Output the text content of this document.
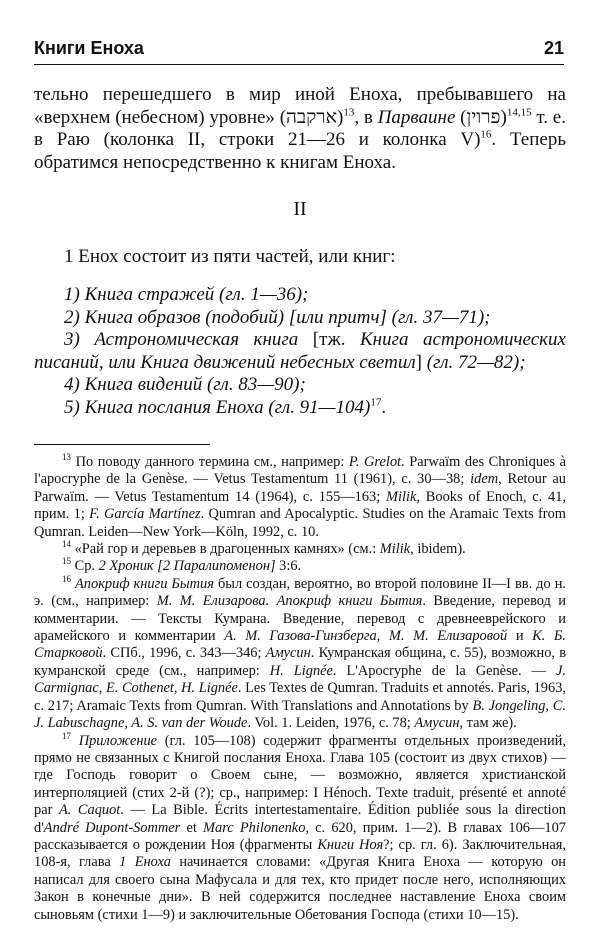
Книги Еноха	21

тельно перешедшего в мир иной Еноха, пребывавшего на «верхнем (небесном) уровне» (ארקבה)$^{13}$, в Парваине (פרוין)$^{14,15}$ т. е. в Раю (колонка II, строки 21—26 и колонка V)$^{16}$. Теперь обратимся непосредственно к книгам Еноха.

II

1 Енох состоит из пяти частей, или книг:

1) Книга стражей (гл. 1—36);

2) Книга образов (подобий) [или притч] (гл. 37—71);

3) Астрономическая книга [тж. Книга астрономических писаний, или Книга движений небесных светил] (гл. 72—82);

4) Книга видений (гл. 83—90);

5) Книга послания Еноха (гл. 91—104)$^{17}$.

$^{13}$ По поводу данного термина см., например: P. Grelot. Parwaïm des Chroniques à l'apocryphe de la Genèse. — Vetus Testamentum 11 (1961), c. 30—38; idem, Retour au Parwaïm. — Vetus Testamentum 14 (1964), c. 155—163; Milik, Books of Enoch, c. 41, прим. 1; F. García Martínez. Qumran and Apocalyptic. Studies on the Aramaic Texts from Qumran. Leiden—New York—Köln, 1992, c. 10.

$^{14}$ «Рай гор и деревьев в драгоценных камнях» (см.: Milik, ibidem).

$^{15}$ Ср. 2 Хроник [2 Паралипоменон] 3:6.

$^{16}$ Апокриф книги Бытия был создан, вероятно, во второй половине II—I вв. до н. э. (см., например: М. М. Елизарова. Апокриф книги Бытия. Введение, перевод и комментарии. — Тексты Кумрана. Введение, перевод с древнееврейского и арамейского и комментарии А. М. Газова-Гинзберга, М. М. Елизаровой и К. Б. Старковой. СПб., 1996, с. 343—346; Амусин. Кумранская община, с. 55), возможно, в кумранской среде (см., например: H. Lignée. L'Apocryphe de la Genèse. — J. Carmignac, E. Cothenet, H. Lignée. Les Textes de Qumran. Traduits et annotés. Paris, 1963, c. 217; Aramaic Texts from Qumran. With Translations and Annotations by B. Jongeling, C. J. Labuschagne, A. S. van der Woude. Vol. 1. Leiden, 1976, c. 78; Амусин, там же).

$^{17}$ Приложение (гл. 105—108) содержит фрагменты отдельных произведений, прямо не связанных с Книгой послания Еноха. Глава 105 (состоит из двух стихов) — где Господь говорит о Своем сыне, — возможно, является христианской интерполяцией (стих 2-й (?); ср., например: I Hénoch. Texte traduit, présenté et annoté par A. Caquot. — La Bible. Écrits intertestamentaire. Édition publiée sous la direction d'André Dupont-Sommer et Marc Philonenko, c. 620, прим. 1—2). В главах 106—107 рассказывается о рождении Ноя (фрагменты Книги Ноя?; ср. гл. 6). Заключительная, 108-я, глава 1 Еноха начинается словами: «Другая Книга Еноха — которую он написал для своего сына Мафусала и для тех, кто придет после него, исполняющих Закон в конечные дни». В ней содержится последнее наставление Еноха своим сыновьям (стихи 1—9) и заключительные Обетования Господа (стихи 10—15).
